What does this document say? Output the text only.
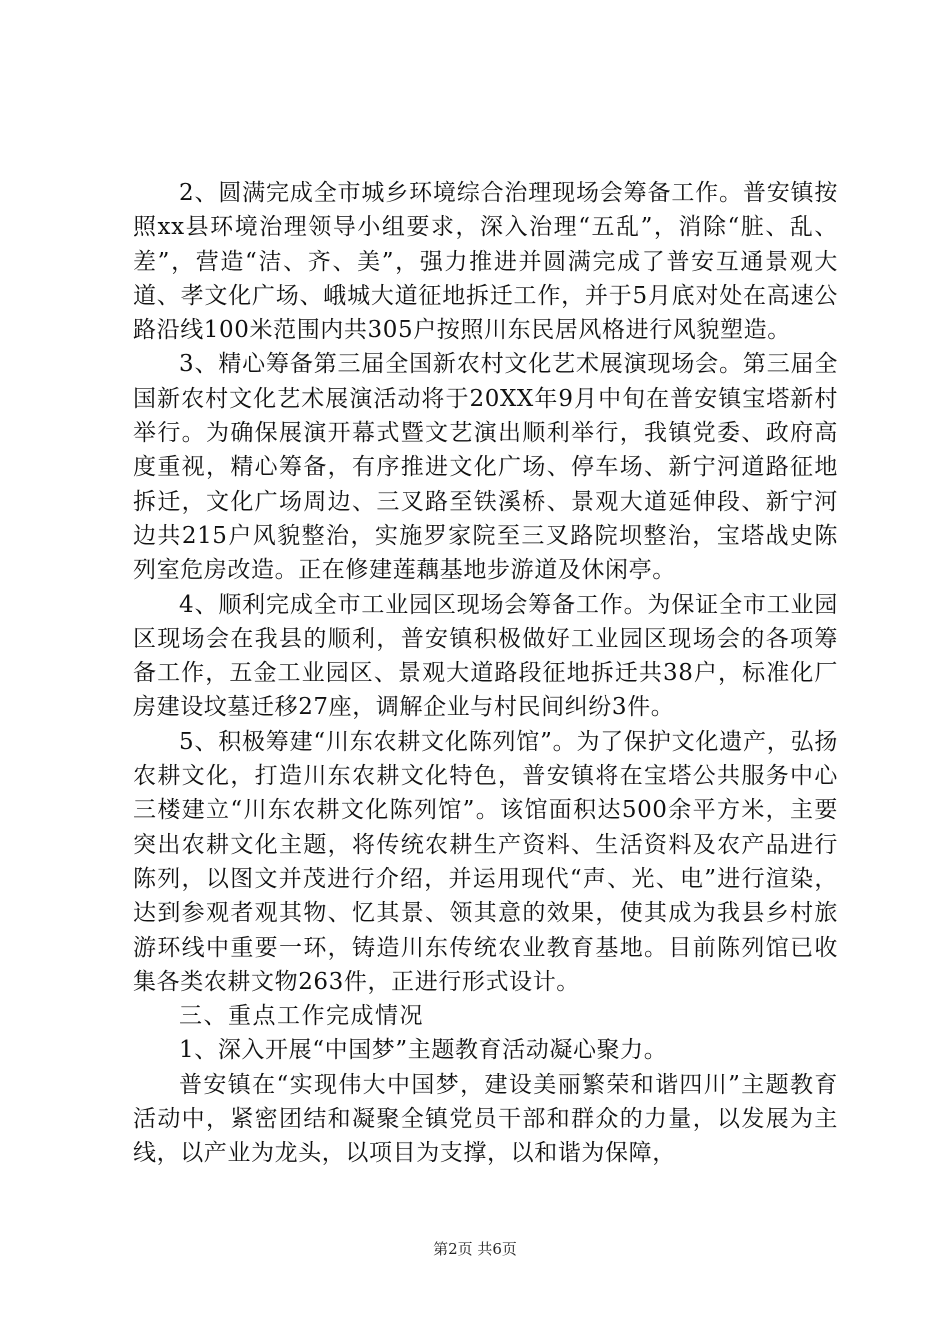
2、圆满完成全市城乡环境综合治理现场会筹备工作。普安镇按照xx县环境治理领导小组要求，深入治理“五乱”，消除“脏、乱、差”，营造“洁、齐、美”，强力推进并圆满完成了普安互通景观大道、孝文化广场、峨城大道征地拆迁工作，并于5月底对处在高速公路沿线100米范围内共305户按照川东民居风格进行风貌塑造。

3、精心筹备第三届全国新农村文化艺术展演现场会。第三届全国新农村文化艺术展演活动将于20XX年9月中旬在普安镇宝塔新村举行。为确保展演开幕式暨文艺演出顺利举行，我镇党委、政府高度重视，精心筹备，有序推进文化广场、停车场、新宁河道路征地拆迁，文化广场周边、三叉路至铁溪桥、景观大道延伸段、新宁河边共215户风貌整治，实施罗家院至三叉路院坝整治，宝塔战史陈列室危房改造。正在修建莲藕基地步游道及休闲亭。

4、顺利完成全市工业园区现场会筹备工作。为保证全市工业园区现场会在我县的顺利，普安镇积极做好工业园区现场会的各项筹备工作，五金工业园区、景观大道路段征地拆迁共38户，标准化厂房建设坟墓迁移27座，调解企业与村民间纠纷3件。

5、积极筹建“川东农耕文化陈列馆”。为了保护文化遗产，弘扬农耕文化，打造川东农耕文化特色，普安镇将在宝塔公共服务中心三楼建立“川东农耕文化陈列馆”。该馆面积达500余平方米，主要突出农耕文化主题，将传统农耕生产资料、生活资料及农产品进行陈列，以图文并茂进行介绍，并运用现代“声、光、电”进行渲染，达到参观者观其物、忆其景、领其意的效果，使其成为我县乡村旅游环线中重要一环，铸造川东传统农业教育基地。目前陈列馆已收集各类农耕文物263件，正进行形式设计。

三、重点工作完成情况

1、深入开展“中国梦”主题教育活动凝心聚力。

普安镇在“实现伟大中国梦，建设美丽繁荣和谐四川”主题教育活动中，紧密团结和凝聚全镇党员干部和群众的力量，以发展为主线，以产业为龙头，以项目为支撑，以和谐为保障，

第2页 共6页
